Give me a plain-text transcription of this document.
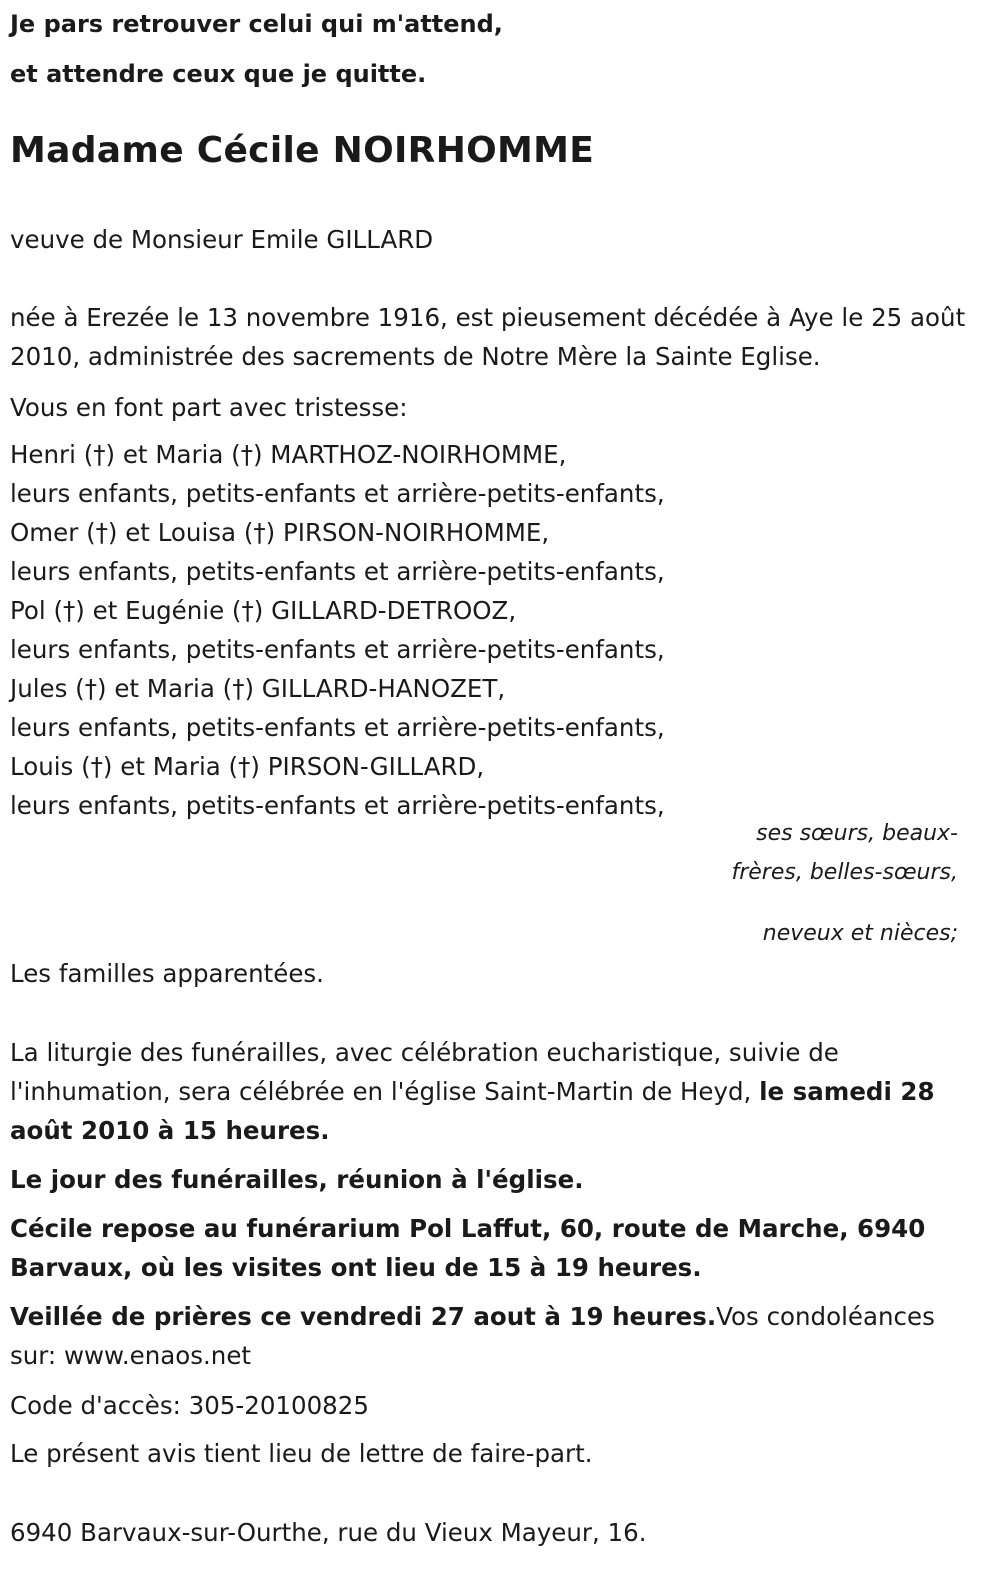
Je pars retrouver celui qui m'attend,
et attendre ceux que je quitte.
Madame Cécile NOIRHOMME
veuve de Monsieur Emile GILLARD
née à Erezée le 13 novembre 1916, est pieusement décédée à Aye le 25 août 2010, administrée des sacrements de Notre Mère la Sainte Eglise.
Vous en font part avec tristesse:
Henri (†) et Maria (†) MARTHOZ-NOIRHOMME,
leurs enfants, petits-enfants et arrière-petits-enfants,
Omer (†) et Louisa (†) PIRSON-NOIRHOMME,
leurs enfants, petits-enfants et arrière-petits-enfants,
Pol (†) et Eugénie (†) GILLARD-DETROOZ,
leurs enfants, petits-enfants et arrière-petits-enfants,
Jules (†) et Maria (†) GILLARD-HANOZET,
leurs enfants, petits-enfants et arrière-petits-enfants,
Louis (†) et Maria (†) PIRSON-GILLARD,
leurs enfants, petits-enfants et arrière-petits-enfants,
ses sœurs, beaux-frères, belles-sœurs,
neveux et nièces;
Les familles apparentées.
La liturgie des funérailles, avec célébration eucharistique, suivie de l'inhumation, sera célébrée en l'église Saint-Martin de Heyd, le samedi 28 août 2010 à 15 heures.
Le jour des funérailles, réunion à l'église.
Cécile repose au funérarium Pol Laffut, 60, route de Marche, 6940 Barvaux, où les visites ont lieu de 15 à 19 heures.
Veillée de prières ce vendredi 27 aout à 19 heures.Vos condoléances sur: www.enaos.net
Code d'accès: 305-20100825
Le présent avis tient lieu de lettre de faire-part.
6940 Barvaux-sur-Ourthe, rue du Vieux Mayeur, 16.
